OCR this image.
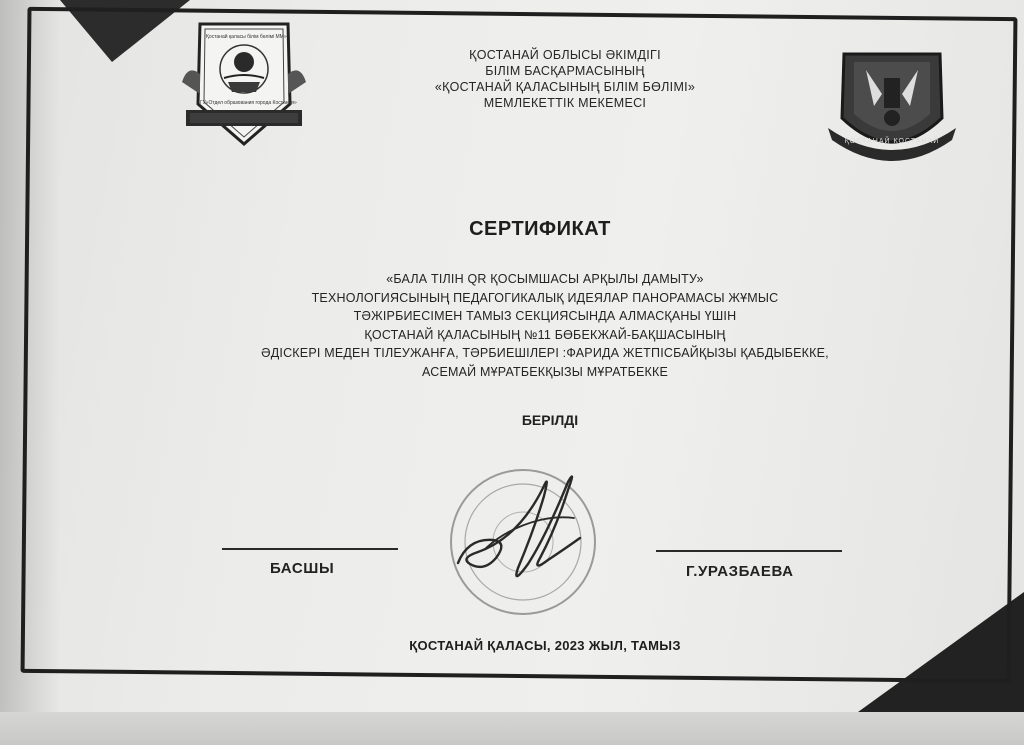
Қостанай қаласы білім бөлімі ММ»
ГУ«Отдел образования города Костаная»
ҚОСТАНАЙ ҚОСТАНАЙ
ҚОСТАНАЙ ОБЛЫСЫ ӘКІМДІГІ
БІЛІМ БАСҚАРМАСЫНЫҢ
«ҚОСТАНАЙ ҚАЛАСЫНЫҢ БІЛІМ БӨЛІМІ»
МЕМЛЕКЕТТІК МЕКЕМЕСІ
СЕРТИФИКАТ
«БАЛА ТІЛІН QR ҚОСЫМШАСЫ АРҚЫЛЫ ДАМЫТУ»
ТЕХНОЛОГИЯСЫНЫҢ ПЕДАГОГИКАЛЫҚ ИДЕЯЛАР ПАНОРАМАСЫ ЖҰМЫС
ТӘЖІРБИЕСІМЕН ТАМЫЗ СЕКЦИЯСЫНДА АЛМАСҚАНЫ ҮШІН
ҚОСТАНАЙ ҚАЛАСЫНЫҢ №11 БӨБЕКЖАЙ-БАҚШАСЫНЫҢ
ӘДІСКЕРІ МЕДЕН ТІЛЕУЖАНҒА, ТӘРБИЕШІЛЕРІ :ФАРИДА ЖЕТПІСБАЙҚЫЗЫ ҚАБДЫБЕККЕ,
АСЕМАЙ МҰРАТБЕКҚЫЗЫ МҰРАТБЕККЕ
БЕРІЛДІ
БАСШЫ	Г.УРАЗБАЕВА
ҚОСТАНАЙ ҚАЛАСЫ, 2023 ЖЫЛ, ТАМЫЗ
